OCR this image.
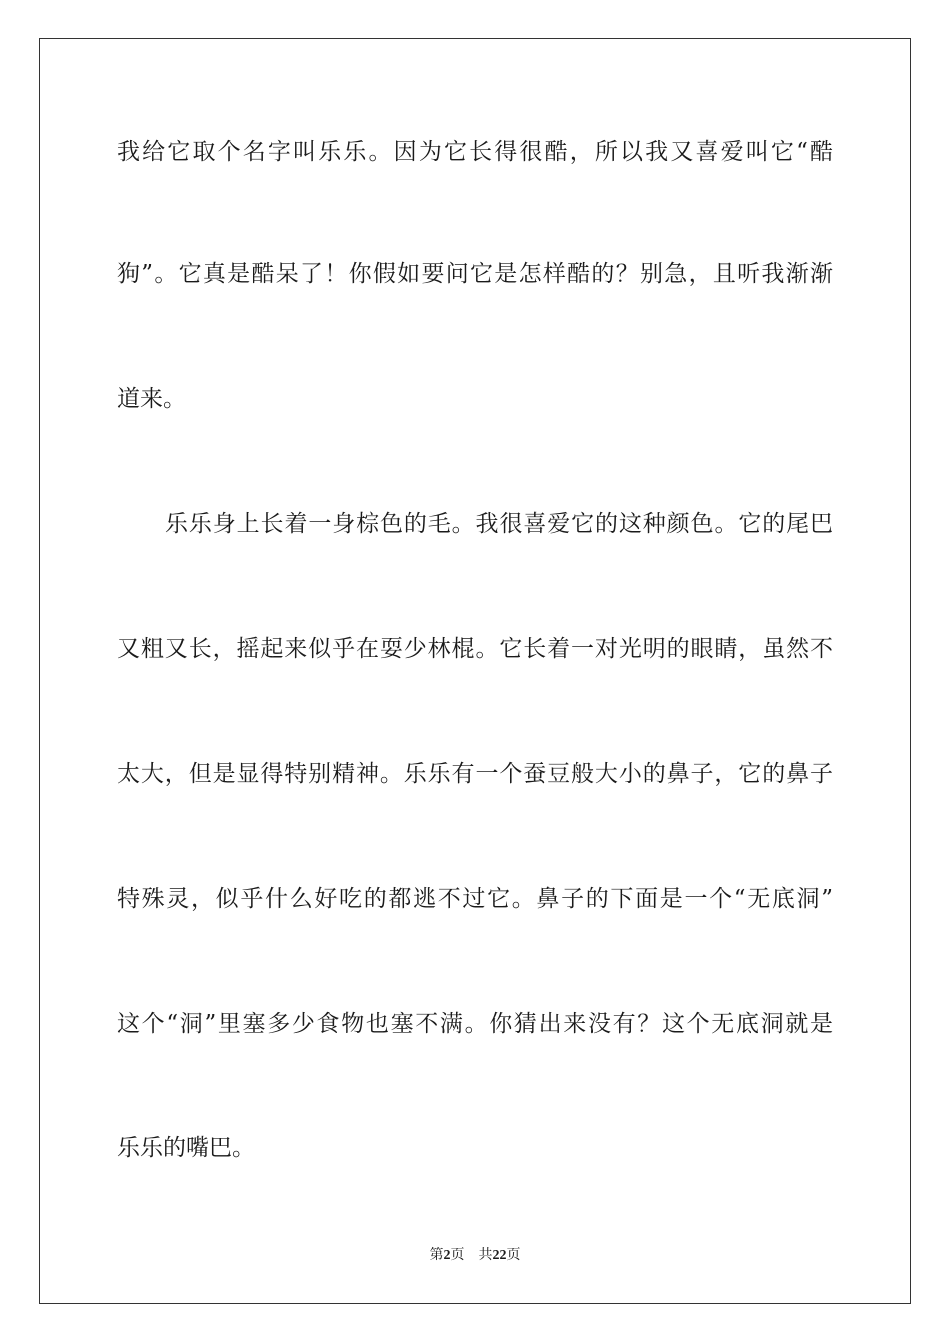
我给它取个名字叫乐乐。因为它长得很酷，所以我又喜爱叫它“酷
狗”。它真是酷呆了！你假如要问它是怎样酷的？别急，且听我渐渐
道来。
乐乐身上长着一身棕色的毛。我很喜爱它的这种颜色。它的尾巴
又粗又长，摇起来似乎在耍少林棍。它长着一对光明的眼睛，虽然不
太大，但是显得特别精神。乐乐有一个蚕豆般大小的鼻子，它的鼻子
特殊灵，似乎什么好吃的都逃不过它。鼻子的下面是一个“无底洞”
这个“洞”里塞多少食物也塞不满。你猜出来没有？这个无底洞就是
乐乐的嘴巴。
第2页 共22页
